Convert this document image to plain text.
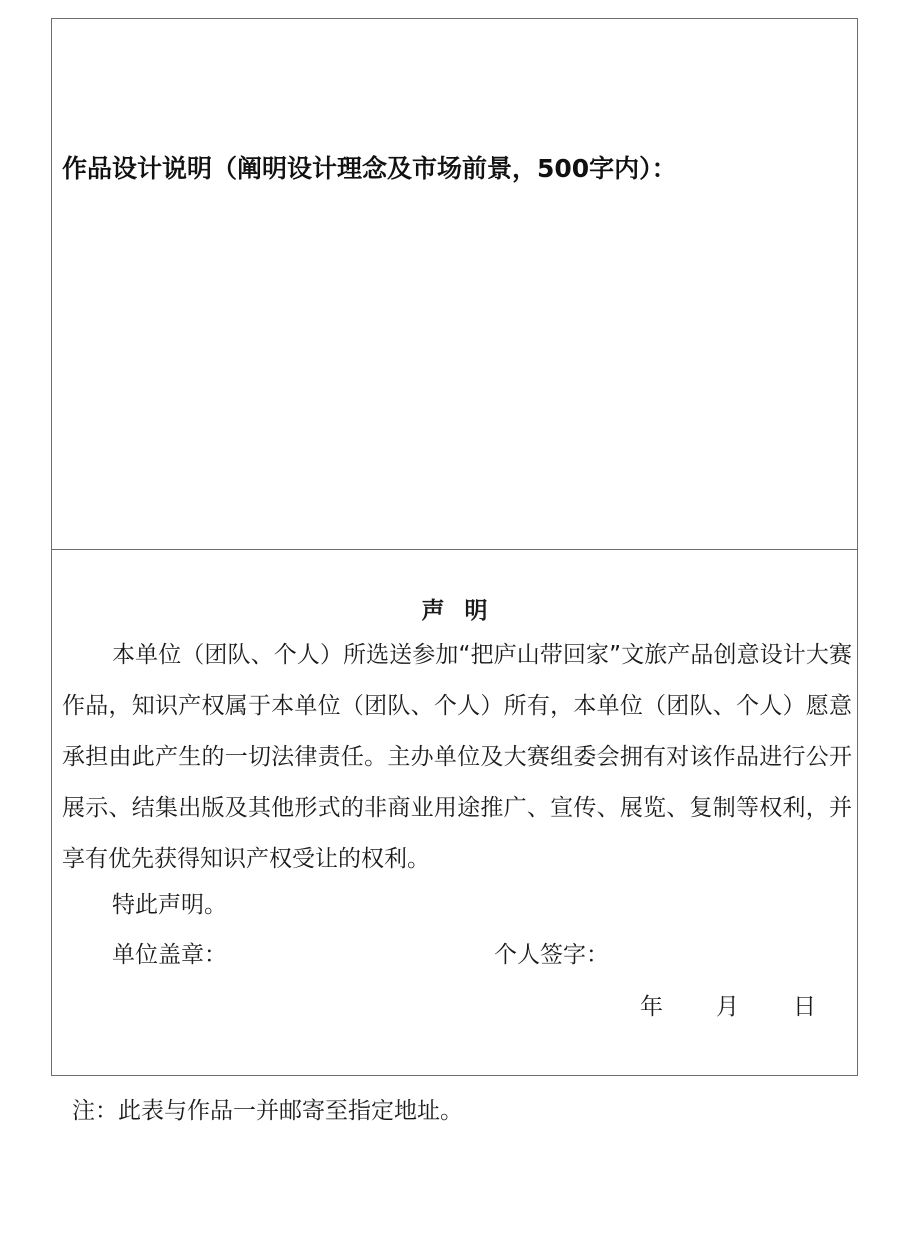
作品设计说明（阐明设计理念及市场前景，500字内）：
声明
本单位（团队、个人）所选送参加“把庐山带回家”文旅产品创意设计大赛作品，知识产权属于本单位（团队、个人）所有，本单位（团队、个人）愿意承担由此产生的一切法律责任。主办单位及大赛组委会拥有对该作品进行公开展示、结集出版及其他形式的非商业用途推广、宣传、展览、复制等权利，并享有优先获得知识产权受让的权利。
特此声明。
单位盖章：	个人签字：
年 月 日
注：此表与作品一并邮寄至指定地址。
